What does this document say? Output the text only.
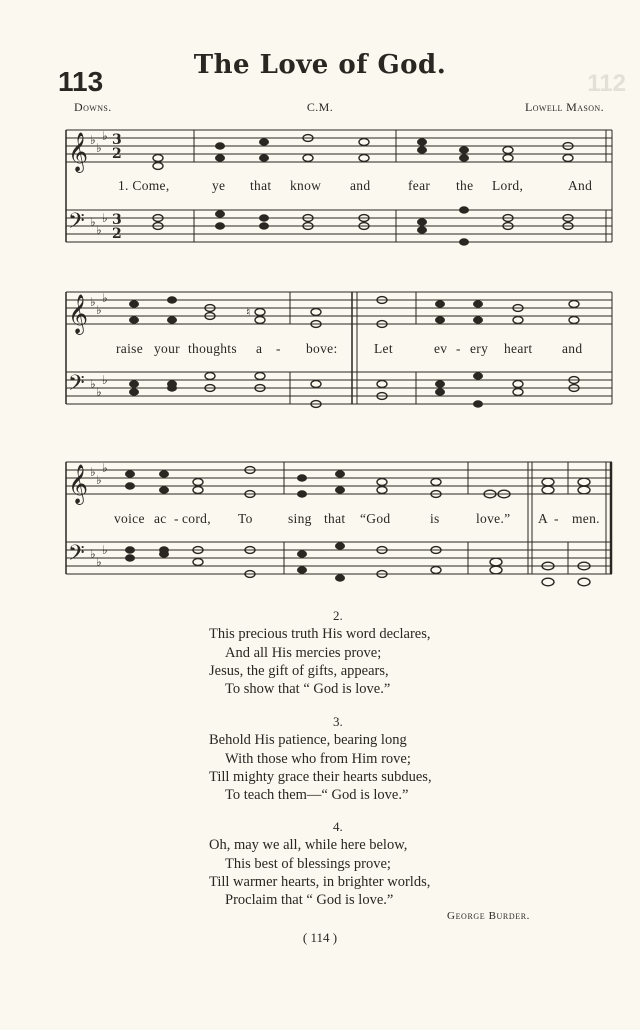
112
The Love of God.
113
Downs.	C.M.	Lowell Mason.
𝄞
𝄢
♭
♭
♭
♭
♭
♭
3
2
3
2
1. Come,	ye that know and	fear the Lord,	And
𝄞
𝄢
♭
♭
♭
♭
♭
♭
♮
raise your thoughts a - bove:	Let	ev - ery heart and
𝄞
𝄢
♭
♭
♭
♭
♭
♭
voice ac - cord, To	sing that “God	is	love.” A - men.
2.
This precious truth His word declares,
And all His mercies prove;
Jesus, the gift of gifts, appears,
To show that “ God is love.”
3.
Behold His patience, bearing long
With those who from Him rove;
Till mighty grace their hearts subdues,
To teach them—“ God is love.”
4.
Oh, may we all, while here below,
This best of blessings prove;
Till warmer hearts, in brighter worlds,
Proclaim that “ God is love.”
George Burder.
( 114 )
